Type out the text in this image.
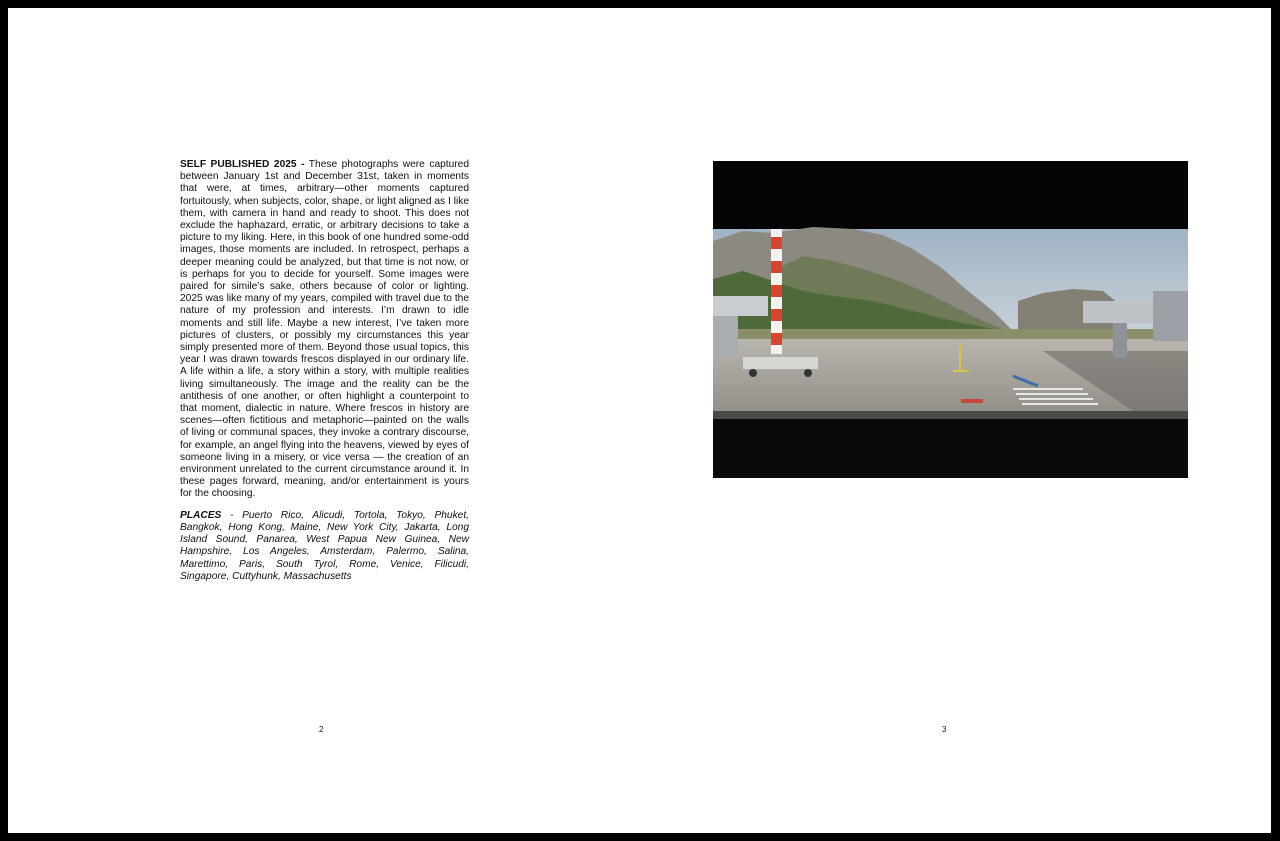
SELF PUBLISHED 2025 - These photographs were captured between January 1st and December 31st, taken in moments that were, at times, arbitrary—other moments captured fortuitously, when subjects, color, shape, or light aligned as I like them, with camera in hand and ready to shoot. This does not exclude the haphazard, erratic, or arbitrary decisions to take a picture to my liking. Here, in this book of one hundred some-odd images, those moments are included. In retrospect, perhaps a deeper meaning could be analyzed, but that time is not now, or is perhaps for you to decide for yourself. Some images were paired for simile’s sake, others because of color or lighting. 2025 was like many of my years, compiled with travel due to the nature of my profession and interests. I’m drawn to idle moments and still life. Maybe a new interest, I’ve taken more pictures of clusters, or possibly my circumstances this year simply presented more of them. Beyond those usual topics, this year I was drawn towards frescos displayed in our ordinary life. A life within a life, a story within a story, with multiple realities living simultaneously. The image and the reality can be the antithesis of one another, or often highlight a counterpoint to that moment, dialectic in nature. Where frescos in history are scenes—often fictitious and metaphoric—painted on the walls of living or communal spaces, they invoke a contrary discourse, for example, an angel flying into the heavens, viewed by eyes of someone living in a misery, or vice versa — the creation of an environment unrelated to the current circumstance around it. In these pages forward, meaning, and/or entertainment is yours for the choosing.

PLACES - Puerto Rico, Alicudi, Tortola, Tokyo, Phuket, Bangkok, Hong Kong, Maine, New York City, Jakarta, Long Island Sound, Panarea, West Papua New Guinea, New Hampshire, Los Angeles, Amsterdam, Palermo, Salina, Marettimo, Paris, South Tyrol, Rome, Venice, Filicudi, Singapore, Cuttyhunk, Massachusetts

2	3
